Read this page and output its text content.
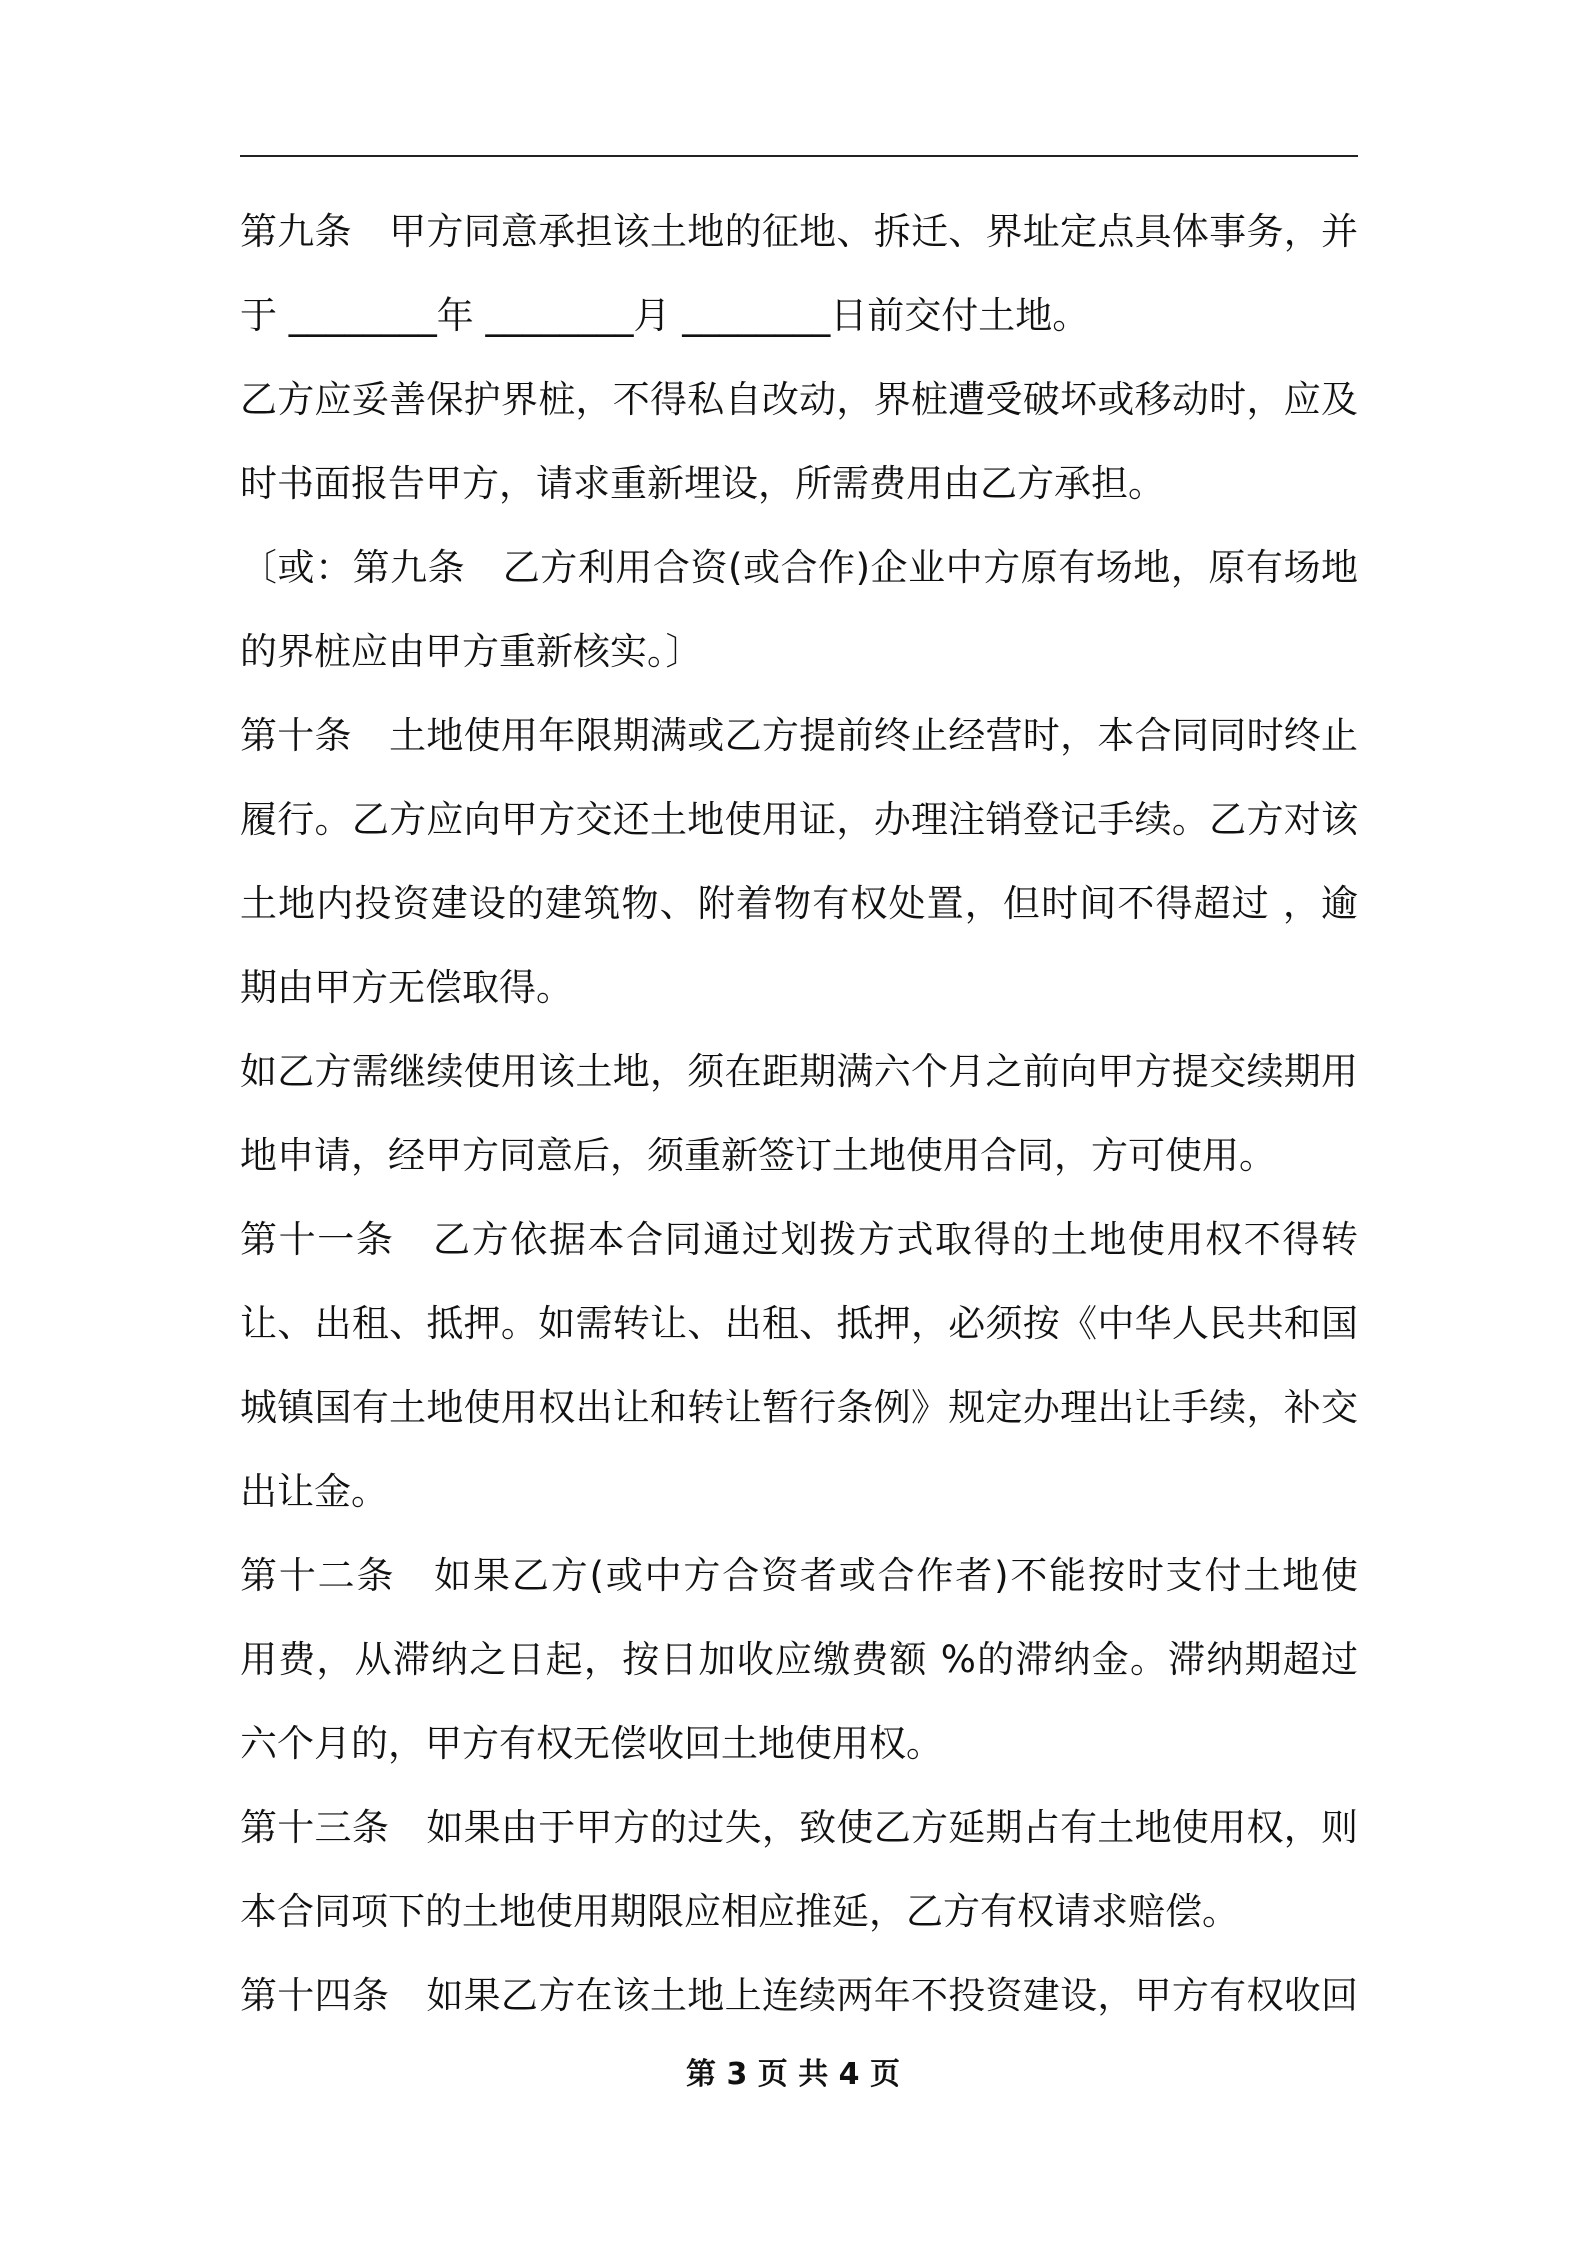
第九条　甲方同意承担该土地的征地、拆迁、界址定点具体事务，并
于 ________年 ________月 ________日前交付土地。
乙方应妥善保护界桩，不得私自改动，界桩遭受破坏或移动时，应及
时书面报告甲方，请求重新埋设，所需费用由乙方承担。
〔或：第九条　乙方利用合资(或合作)企业中方原有场地，原有场地
的界桩应由甲方重新核实。〕
第十条　土地使用年限期满或乙方提前终止经营时，本合同同时终止
履行。乙方应向甲方交还土地使用证，办理注销登记手续。乙方对该
土地内投资建设的建筑物、附着物有权处置，但时间不得超过 ，逾
期由甲方无偿取得。
如乙方需继续使用该土地，须在距期满六个月之前向甲方提交续期用
地申请，经甲方同意后，须重新签订土地使用合同，方可使用。
第十一条　乙方依据本合同通过划拨方式取得的土地使用权不得转
让、出租、抵押。如需转让、出租、抵押，必须按《中华人民共和国
城镇国有土地使用权出让和转让暂行条例》规定办理出让手续，补交
出让金。
第十二条　如果乙方(或中方合资者或合作者)不能按时支付土地使
用费，从滞纳之日起，按日加收应缴费额 %的滞纳金。滞纳期超过
六个月的，甲方有权无偿收回土地使用权。
第十三条　如果由于甲方的过失，致使乙方延期占有土地使用权，则
本合同项下的土地使用期限应相应推延，乙方有权请求赔偿。
第十四条　如果乙方在该土地上连续两年不投资建设，甲方有权收回
第 3 页 共 4 页
